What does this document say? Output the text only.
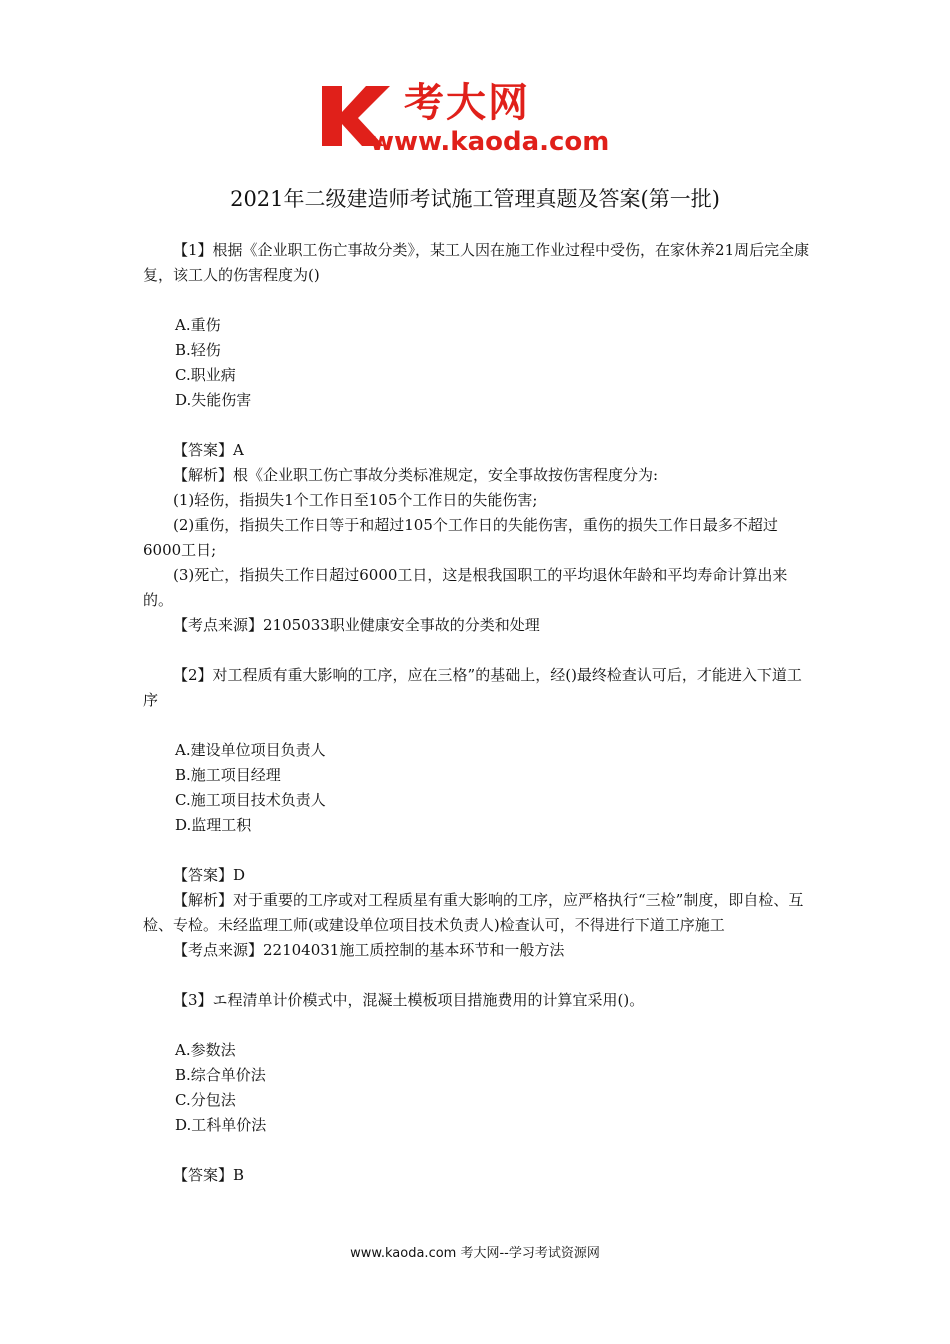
考大网
www.kaoda.com
2021年二级建造师考试施工管理真题及答案(第一批)

【1】根据《企业职工伤亡事故分类》，某工人因在施工作业过程中受伤，在家休养21周后完全康复，该工人的伤害程度为()

A.重伤

B.轻伤

C.职业病

D.失能伤害

【答案】A

【解析】根《企业职工伤亡事故分类标准规定，安全事故按伤害程度分为:

(1)轻伤，指损失1个工作日至105个工作日的失能伤害;

(2)重伤，指损失工作日等于和超过105个工作日的失能伤害，重伤的损失工作日最多不超过6000工日;

(3)死亡，指损失工作日超过6000工日，这是根我国职工的平均退休年龄和平均寿命计算出来的。

【考点来源】2105033职业健康安全事故的分类和处理

【2】对工程质有重大影响的工序，应在三格”的基础上，经()最终检查认可后，才能进入下道工序

A.建设单位项目负责人

B.施工项目经理

C.施工项目技术负责人

D.监理工积

【答案】D

【解析】对于重要的工序或对工程质星有重大影响的工序，应严格执行“三检”制度，即自检、互检、专检。未经监理工师(或建设单位项目技术负责人)检查认可，不得进行下道工序施工

【考点来源】22104031施工质控制的基本环节和一般方法

【3】エ程清单计价模式中，混凝土模板项目措施费用的计算宜采用()。

A.参数法

B.综合单价法

C.分包法

D.工科单价法

【答案】B

www.kaoda.com 考大网--学习考试资源网
